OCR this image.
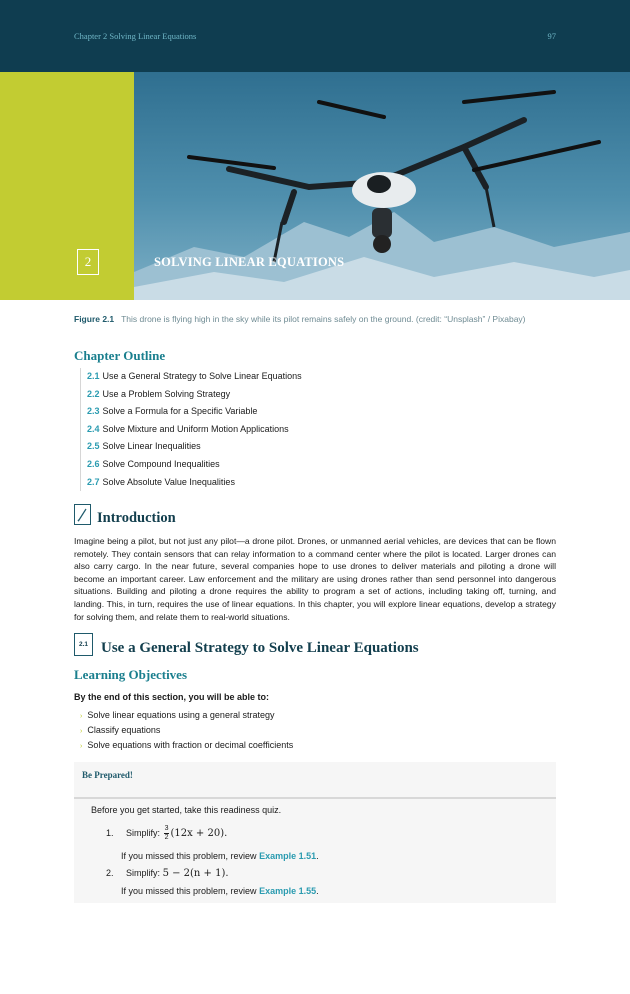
Chapter 2 Solving Linear Equations	97
2	SOLVING LINEAR EQUATIONS
Figure 2.1 This drone is flying high in the sky while its pilot remains safely on the ground. (credit: “Unsplash” / Pixabay)
Chapter Outline
2.1 Use a General Strategy to Solve Linear Equations
2.2 Use a Problem Solving Strategy
2.3 Solve a Formula for a Specific Variable
2.4 Solve Mixture and Uniform Motion Applications
2.5 Solve Linear Inequalities
2.6 Solve Compound Inequalities
2.7 Solve Absolute Value Inequalities
Introduction
Imagine being a pilot, but not just any pilot—a drone pilot. Drones, or unmanned aerial vehicles, are devices that can be flown remotely. They contain sensors that can relay information to a command center where the pilot is located. Larger drones can also carry cargo. In the near future, several companies hope to use drones to deliver materials and piloting a drone will become an important career. Law enforcement and the military are using drones rather than send personnel into dangerous situations. Building and piloting a drone requires the ability to program a set of actions, including taking off, turning, and landing. This, in turn, requires the use of linear equations. In this chapter, you will explore linear equations, develop a strategy for solving them, and relate them to real-world situations.
2.1 Use a General Strategy to Solve Linear Equations
Learning Objectives
By the end of this section, you will be able to:
› Solve linear equations using a general strategy
› Classify equations
› Solve equations with fraction or decimal coefficients
Be Prepared!
Before you get started, take this readiness quiz.
1. Simplify: $\frac{3}{2} (12x + 20)$.
If you missed this problem, review Example 1.51.
2. Simplify: 5 − 2(n + 1).
If you missed this problem, review Example 1.55.
